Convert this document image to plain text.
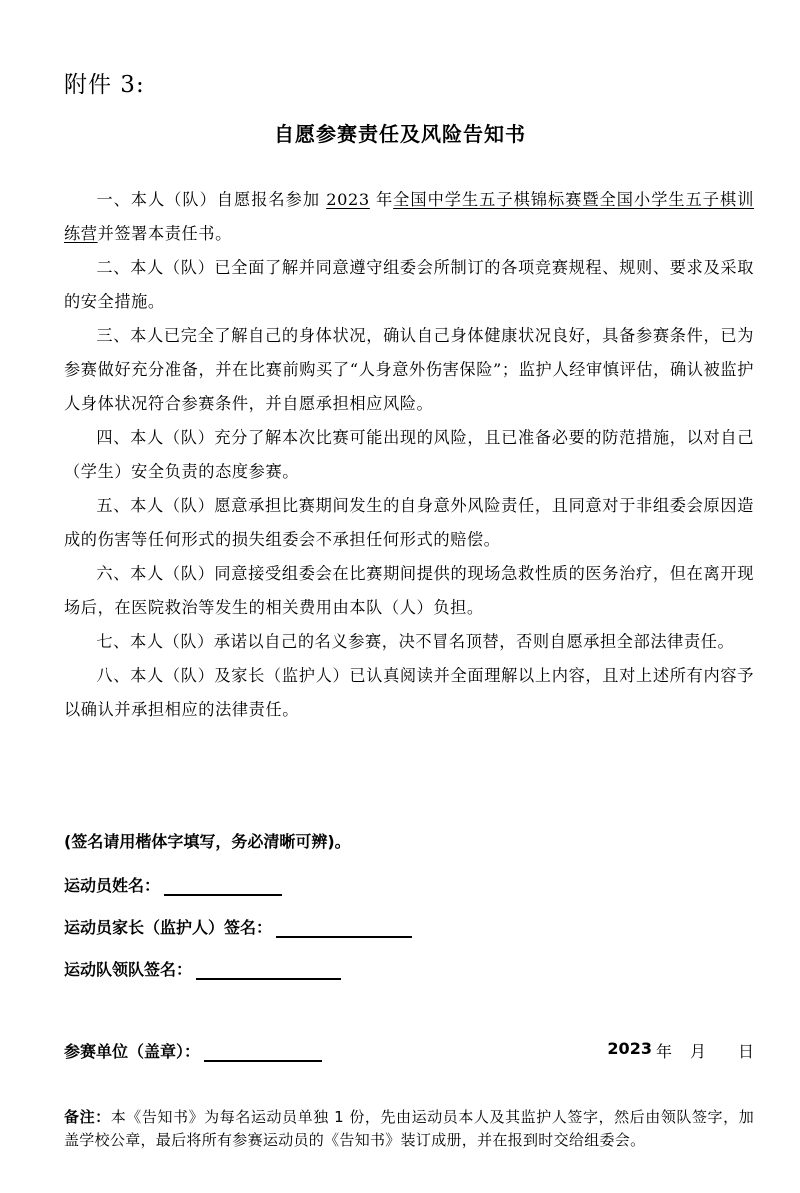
附件 3:
自愿参赛责任及风险告知书

一、本人（队）自愿报名参加 2023 年全国中学生五子棋锦标赛暨全国小学生五子棋训练营并签署本责任书。

二、本人（队）已全面了解并同意遵守组委会所制订的各项竞赛规程、规则、要求及采取的安全措施。

三、本人已完全了解自己的身体状况，确认自己身体健康状况良好，具备参赛条件，已为参赛做好充分准备，并在比赛前购买了“人身意外伤害保险”；监护人经审慎评估，确认被监护人身体状况符合参赛条件，并自愿承担相应风险。

四、本人（队）充分了解本次比赛可能出现的风险，且已准备必要的防范措施，以对自己（学生）安全负责的态度参赛。

五、本人（队）愿意承担比赛期间发生的自身意外风险责任，且同意对于非组委会原因造成的伤害等任何形式的损失组委会不承担任何形式的赔偿。

六、本人（队）同意接受组委会在比赛期间提供的现场急救性质的医务治疗，但在离开现场后，在医院救治等发生的相关费用由本队（人）负担。

七、本人（队）承诺以自己的名义参赛，决不冒名顶替，否则自愿承担全部法律责任。

八、本人（队）及家长（监护人）已认真阅读并全面理解以上内容，且对上述所有内容予以确认并承担相应的法律责任。

(签名请用楷体字填写，务必清晰可辨)。
运动员姓名：
运动员家长（监护人）签名：
运动队领队签名：
参赛单位（盖章）：	2023 年 月 日
备注：本《告知书》为每名运动员单独 1 份，先由运动员本人及其监护人签字，然后由领队签字，加盖学校公章，最后将所有参赛运动员的《告知书》装订成册，并在报到时交给组委会。
